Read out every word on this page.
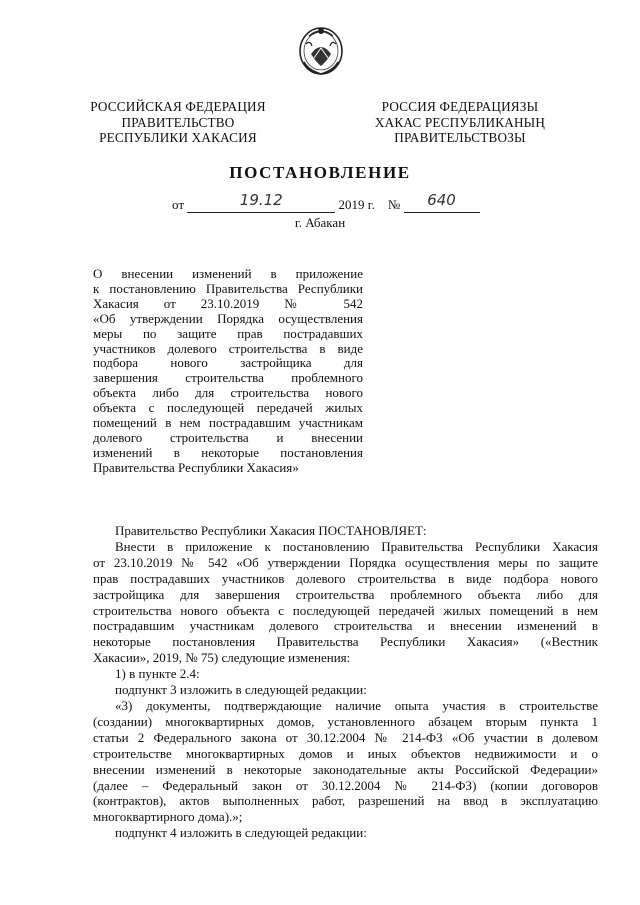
РОССИЙСКАЯ ФЕДЕРАЦИЯ
ПРАВИТЕЛЬСТВО
РЕСПУБЛИКИ ХАКАСИЯ
РОССИЯ ФЕДЕРАЦИЯЗЫ
ХАКАС РЕСПУБЛИКАНЫҢ
ПРАВИТЕЛЬСТВОЗЫ
ПОСТАНОВЛЕНИЕ
от	19.12	2019 г. № 640
г. Абакан
О внесении изменений в приложение
к постановлению Правительства Республики
Хакасия от 23.10.2019 № 542
«Об утверждении Порядка осуществления
меры по защите прав пострадавших
участников долевого строительства в виде
подбора нового застройщика для
завершения строительства проблемного
объекта либо для строительства нового
объекта с последующей передачей жилых
помещений в нем пострадавшим участникам
долевого строительства и внесении
изменений в некоторые постановления
Правительства Республики Хакасия»
Правительство Республики Хакасия ПОСТАНОВЛЯЕТ:
Внести в приложение к постановлению Правительства Республики Хакасия
от 23.10.2019 № 542 «Об утверждении Порядка осуществления меры по защите
прав пострадавших участников долевого строительства в виде подбора нового
застройщика для завершения строительства проблемного объекта либо для
строительства нового объекта с последующей передачей жилых помещений в нем
пострадавшим участникам долевого строительства и внесении изменений в
некоторые постановления Правительства Республики Хакасия» («Вестник
Хакасии», 2019, № 75) следующие изменения:
1) в пункте 2.4:
подпункт 3 изложить в следующей редакции:
«3) документы, подтверждающие наличие опыта участия в строительстве
(создании) многоквартирных домов, установленного абзацем вторым пункта 1
статьи 2 Федерального закона от 30.12.2004 № 214-ФЗ «Об участии в долевом
строительстве многоквартирных домов и иных объектов недвижимости и о
внесении изменений в некоторые законодательные акты Российской Федерации»
(далее – Федеральный закон от 30.12.2004 № 214-ФЗ) (копии договоров
(контрактов), актов выполненных работ, разрешений на ввод в эксплуатацию
многоквартирного дома).»;
подпункт 4 изложить в следующей редакции:
